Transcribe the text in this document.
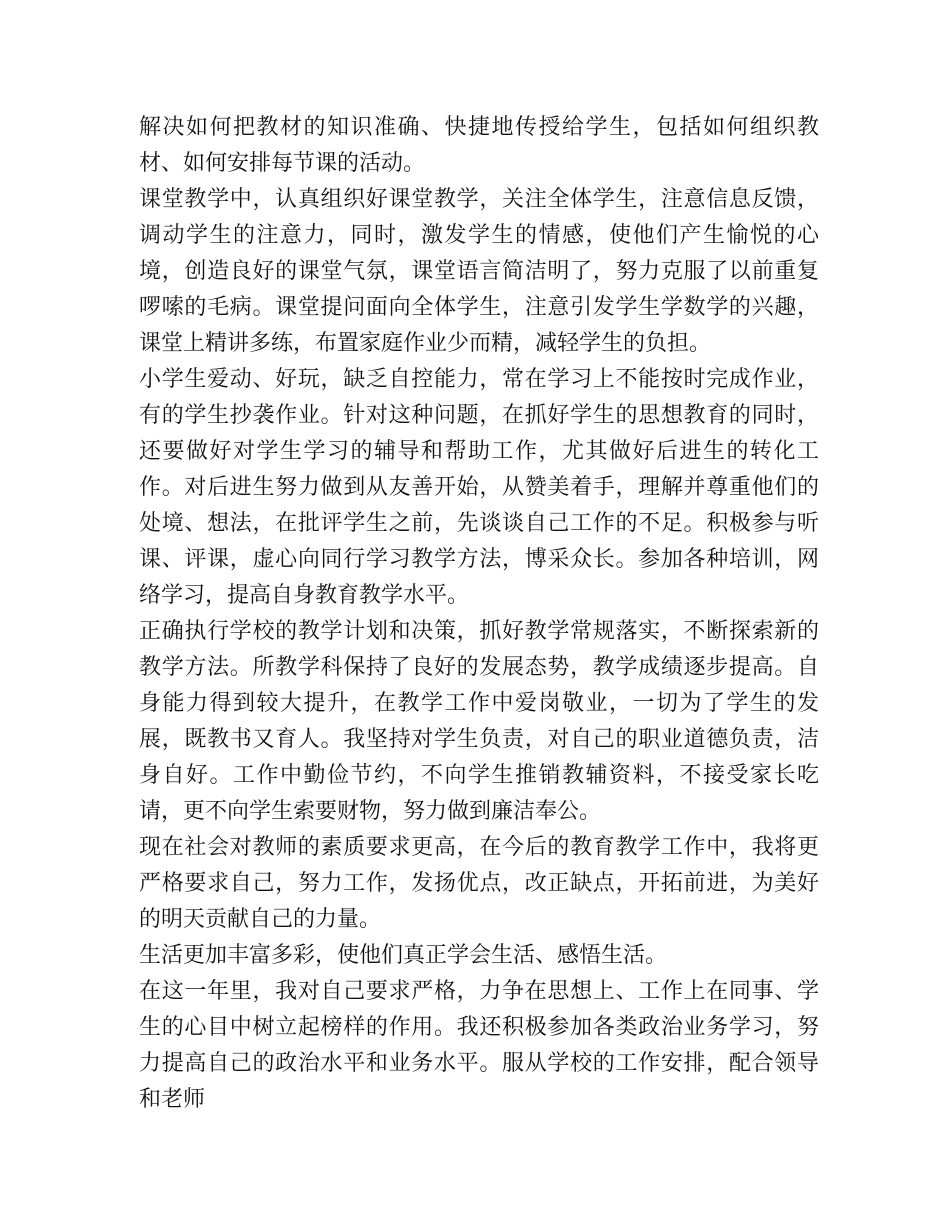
解决如何把教材的知识准确、快捷地传授给学生，包括如何组织教材、如何安排每节课的活动。

课堂教学中，认真组织好课堂教学，关注全体学生，注意信息反馈，调动学生的注意力，同时，激发学生的情感，使他们产生愉悦的心境，创造良好的课堂气氛，课堂语言简洁明了，努力克服了以前重复啰嗦的毛病。课堂提问面向全体学生，注意引发学生学数学的兴趣，课堂上精讲多练，布置家庭作业少而精，减轻学生的负担。

小学生爱动、好玩，缺乏自控能力，常在学习上不能按时完成作业，有的学生抄袭作业。针对这种问题，在抓好学生的思想教育的同时，还要做好对学生学习的辅导和帮助工作，尤其做好后进生的转化工作。对后进生努力做到从友善开始，从赞美着手，理解并尊重他们的处境、想法，在批评学生之前，先谈谈自己工作的不足。积极参与听课、评课，虚心向同行学习教学方法，博采众长。参加各种培训，网络学习，提高自身教育教学水平。

正确执行学校的教学计划和决策，抓好教学常规落实，不断探索新的教学方法。所教学科保持了良好的发展态势，教学成绩逐步提高。自身能力得到较大提升，在教学工作中爱岗敬业，一切为了学生的发展，既教书又育人。我坚持对学生负责，对自己的职业道德负责，洁身自好。工作中勤俭节约，不向学生推销教辅资料，不接受家长吃请，更不向学生索要财物，努力做到廉洁奉公。

现在社会对教师的素质要求更高，在今后的教育教学工作中，我将更严格要求自己，努力工作，发扬优点，改正缺点，开拓前进，为美好的明天贡献自己的力量。

生活更加丰富多彩，使他们真正学会生活、感悟生活。

在这一年里，我对自己要求严格，力争在思想上、工作上在同事、学生的心目中树立起榜样的作用。我还积极参加各类政治业务学习，努力提高自己的政治水平和业务水平。服从学校的工作安排，配合领导和老师
